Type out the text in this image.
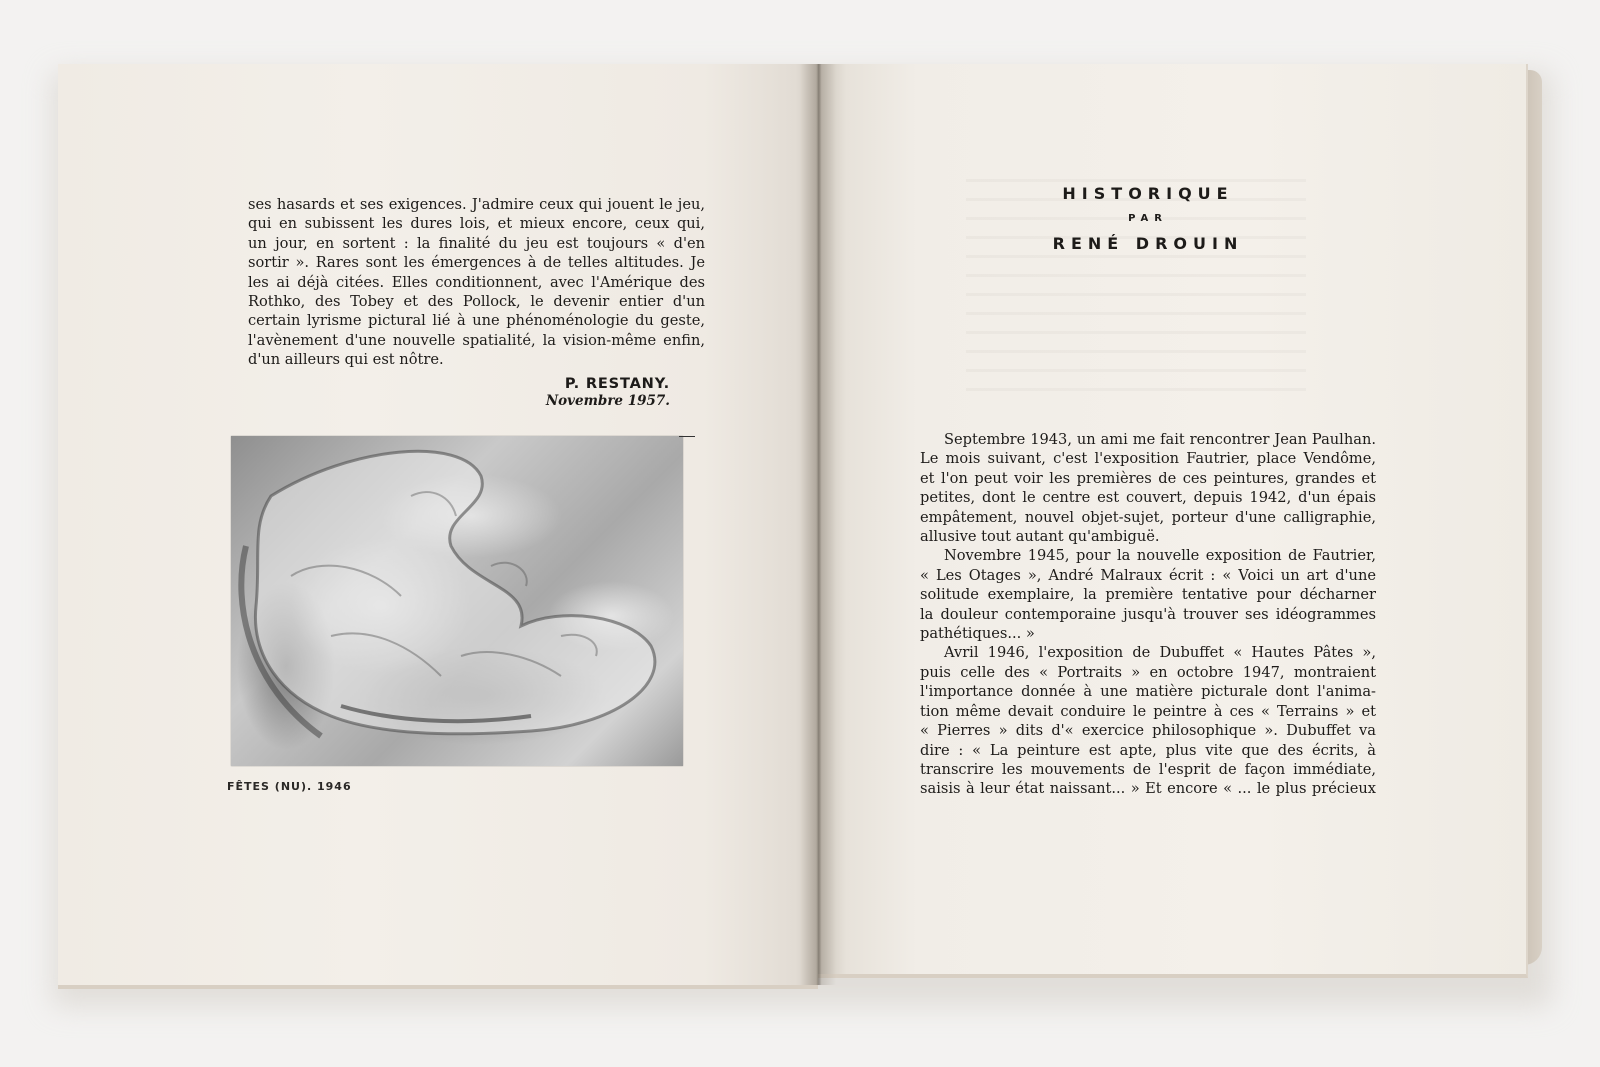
ses hasards et ses exigences. J'admire ceux qui jouent le jeu,
qui en subissent les dures lois, et mieux encore, ceux qui,
un jour, en sortent : la finalité du jeu est toujours « d'en
sortir ». Rares sont les émergences à de telles altitudes. Je
les ai déjà citées. Elles conditionnent, avec l'Amérique des
Rothko, des Tobey et des Pollock, le devenir entier d'un
certain lyrisme pictural lié à une phénoménologie du geste,
l'avènement d'une nouvelle spatialité, la vision-même enfin,
d'un ailleurs qui est nôtre.
P. RESTANY.
Novembre 1957.
FÊTES (NU). 1946
HISTORIQUE
PAR
RENÉ DROUIN
Septembre 1943, un ami me fait rencontrer Jean Paulhan.
Le mois suivant, c'est l'exposition Fautrier, place Vendôme,
et l'on peut voir les premières de ces peintures, grandes et
petites, dont le centre est couvert, depuis 1942, d'un épais
empâtement, nouvel objet-sujet, porteur d'une calligraphie,
allusive tout autant qu'ambiguë.
Novembre 1945, pour la nouvelle exposition de Fautrier,
« Les Otages », André Malraux écrit : « Voici un art d'une
solitude exemplaire, la première tentative pour décharner
la douleur contemporaine jusqu'à trouver ses idéogrammes
pathétiques... »
Avril 1946, l'exposition de Dubuffet « Hautes Pâtes »,
puis celle des « Portraits » en octobre 1947, montraient
l'importance donnée à une matière picturale dont l'anima-
tion même devait conduire le peintre à ces « Terrains » et
« Pierres » dits d'« exercice philosophique ». Dubuffet va
dire : « La peinture est apte, plus vite que des écrits, à
transcrire les mouvements de l'esprit de façon immédiate,
saisis à leur état naissant... » Et encore « ... le plus précieux
